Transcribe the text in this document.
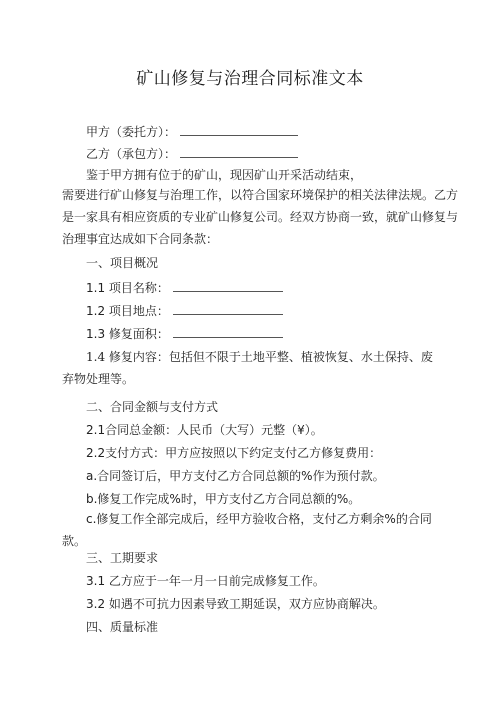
矿山修复与治理合同标准文本
甲方（委托方）：
乙方（承包方）：
鉴于甲方拥有位于的矿山，现因矿山开采活动结束，
需要进行矿山修复与治理工作，以符合国家环境保护的相关法律法规。乙方是一家具有相应资质的专业矿山修复公司。经双方协商一致，就矿山修复与治理事宜达成如下合同条款：
一、项目概况
1.1 项目名称：
1.2 项目地点：
1.3 修复面积：
1.4 修复内容：包括但不限于土地平整、植被恢复、水土保持、废弃物处理等。
二、合同金额与支付方式
2.1合同总金额：人民币（大写）元整（¥）。
2.2支付方式：甲方应按照以下约定支付乙方修复费用：
a.合同签订后，甲方支付乙方合同总额的%作为预付款。
b.修复工作完成%时，甲方支付乙方合同总额的%。
c.修复工作全部完成后，经甲方验收合格，支付乙方剩余%的合同款。
三、工期要求
3.1 乙方应于一年一月一日前完成修复工作。
3.2 如遇不可抗力因素导致工期延误，双方应协商解决。
四、质量标准
